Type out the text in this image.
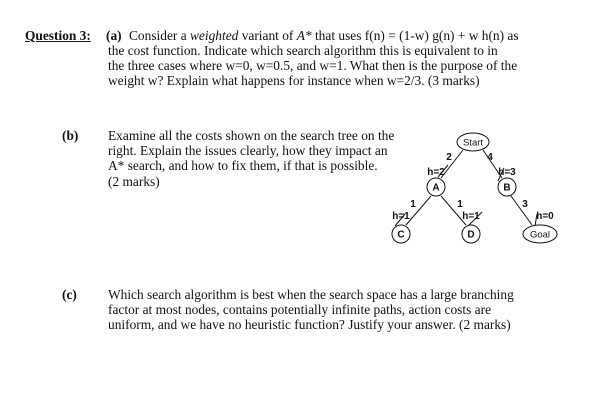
Question 3: (a) Consider a weighted variant of A* that uses f(n) = (1-w) g(n) + w h(n) as
the cost function. Indicate which search algorithm this is equivalent to in
the three cases where w=0, w=0.5, and w=1. What then is the purpose of the
weight w? Explain what happens for instance when w=2/3. (3 marks)
(b) Examine all the costs shown on the search tree on the
right. Explain the issues clearly, how they impact an
A* search, and how to fix them, if that is possible.
(2 marks)
Start
A	B
C	D	Goal
2	4
1	1	3
h=2	h=3
h=1	h=1	h=0
(c) Which search algorithm is best when the search space has a large branching
factor at most nodes, contains potentially infinite paths, action costs are
uniform, and we have no heuristic function? Justify your answer. (2 marks)
